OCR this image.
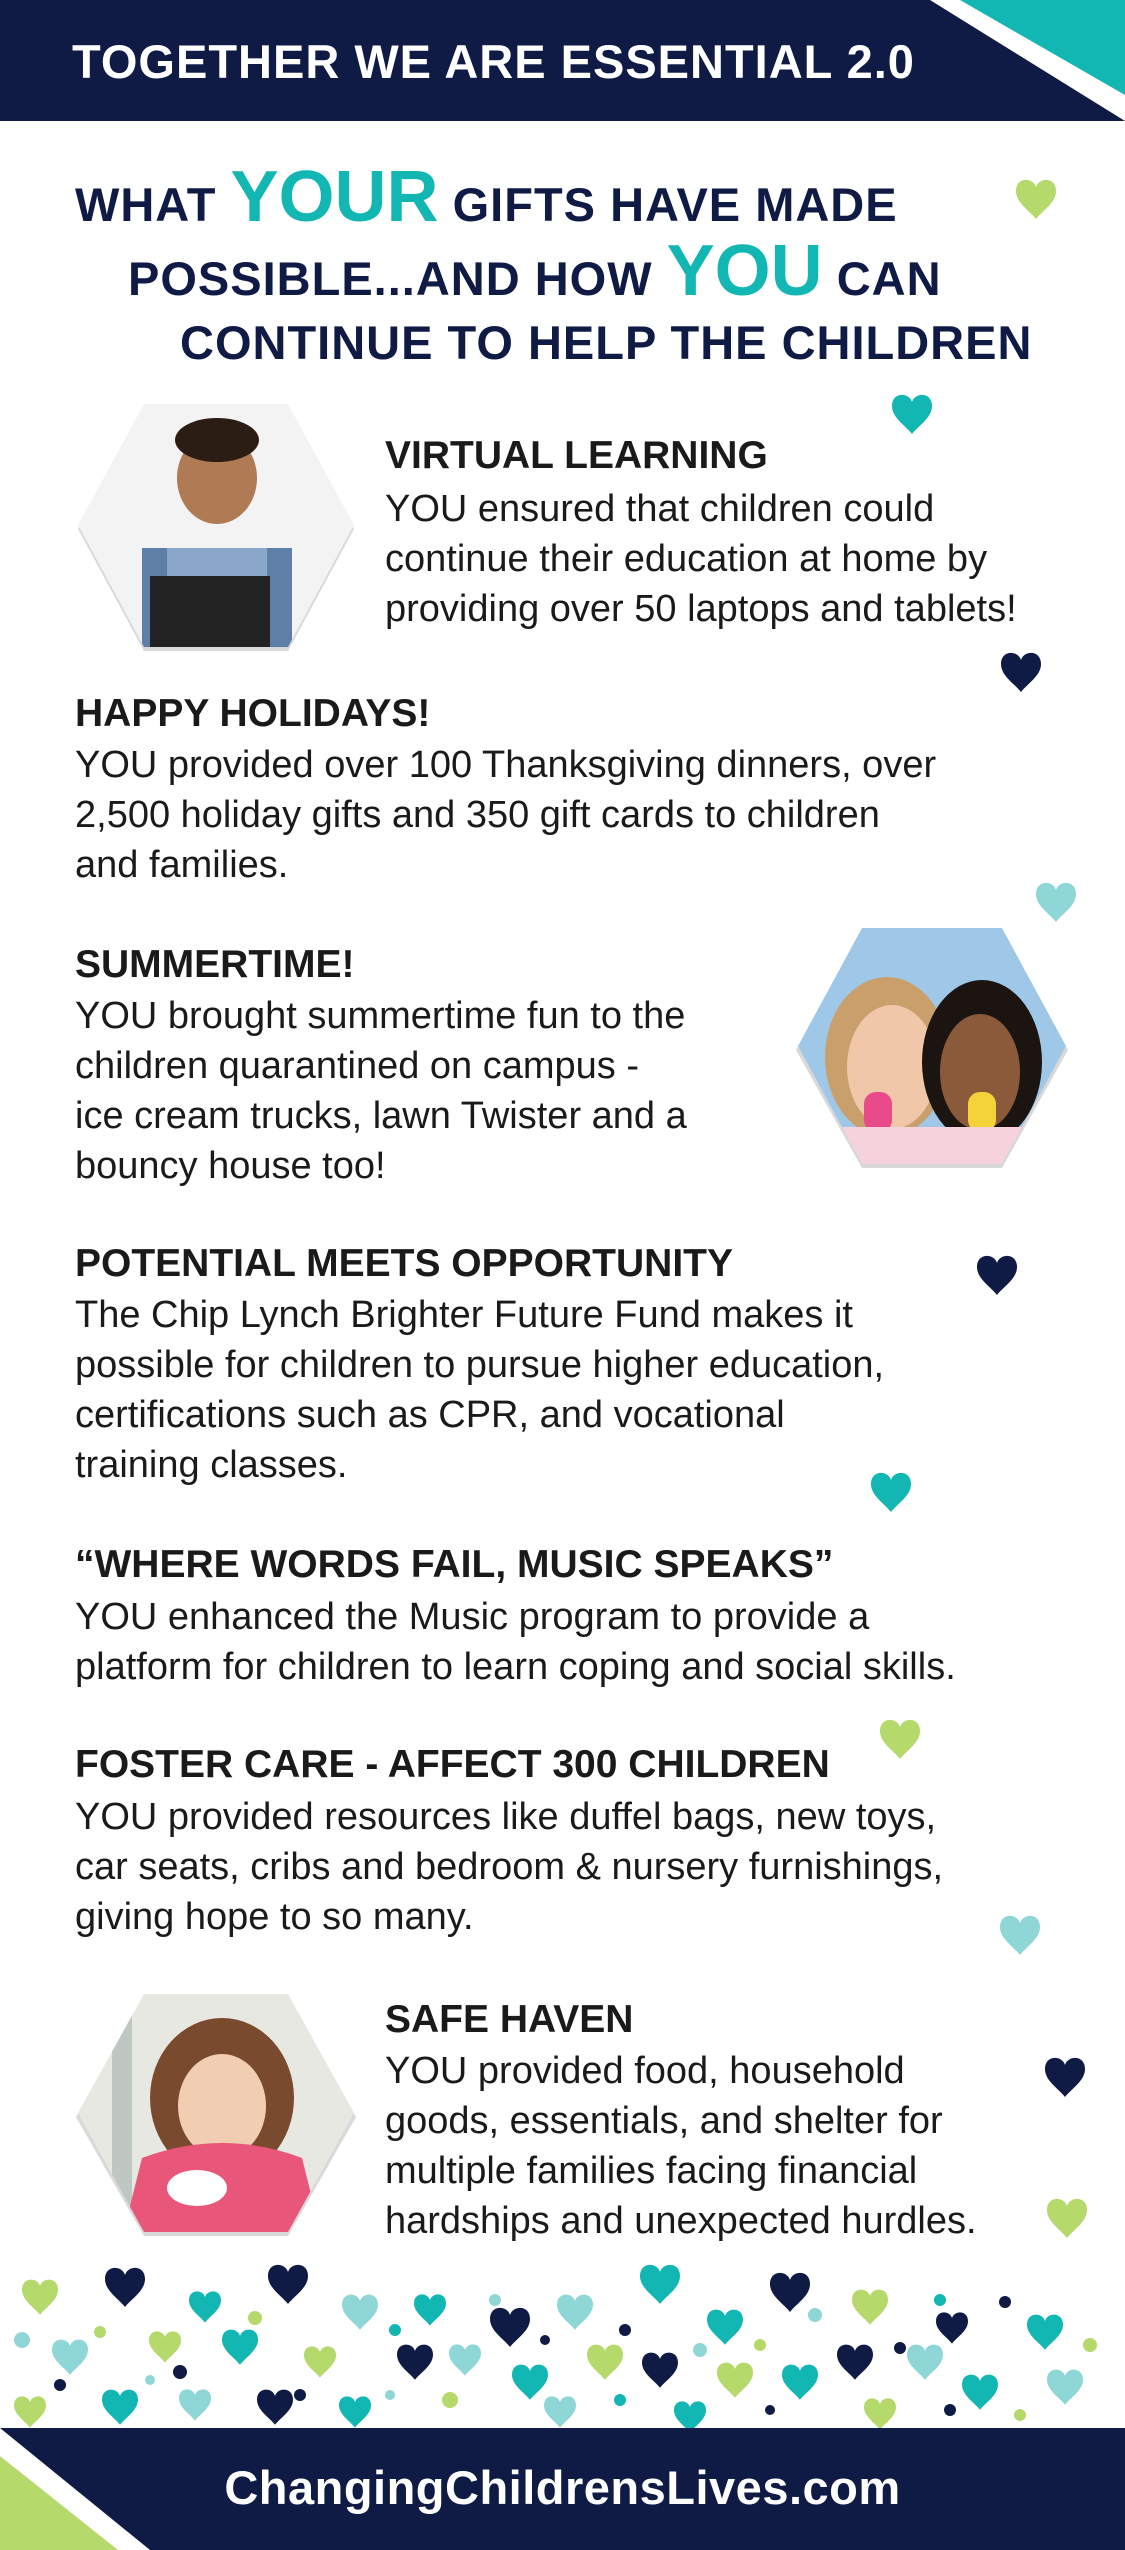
TOGETHER WE ARE ESSENTIAL 2.0
WHAT YOUR GIFTS HAVE MADE
POSSIBLE...AND HOW YOU CAN
CONTINUE TO HELP THE CHILDREN
VIRTUAL LEARNING
YOU ensured that children could
continue their education at home by
providing over 50 laptops and tablets!
HAPPY HOLIDAYS!
YOU provided over 100 Thanksgiving dinners, over
2,500 holiday gifts and 350 gift cards to children
and families.
SUMMERTIME!
YOU brought summertime fun to the
children quarantined on campus -
ice cream trucks, lawn Twister and a
bouncy house too!
POTENTIAL MEETS OPPORTUNITY
The Chip Lynch Brighter Future Fund makes it
possible for children to pursue higher education,
certifications such as CPR, and vocational
training classes.
“WHERE WORDS FAIL, MUSIC SPEAKS”
YOU enhanced the Music program to provide a
platform for children to learn coping and social skills.
FOSTER CARE - AFFECT 300 CHILDREN
YOU provided resources like duffel bags, new toys,
car seats, cribs and bedroom & nursery furnishings,
giving hope to so many.
SAFE HAVEN
YOU provided food, household
goods, essentials, and shelter for
multiple families facing financial
hardships and unexpected hurdles.
ChangingChildrensLives.com
